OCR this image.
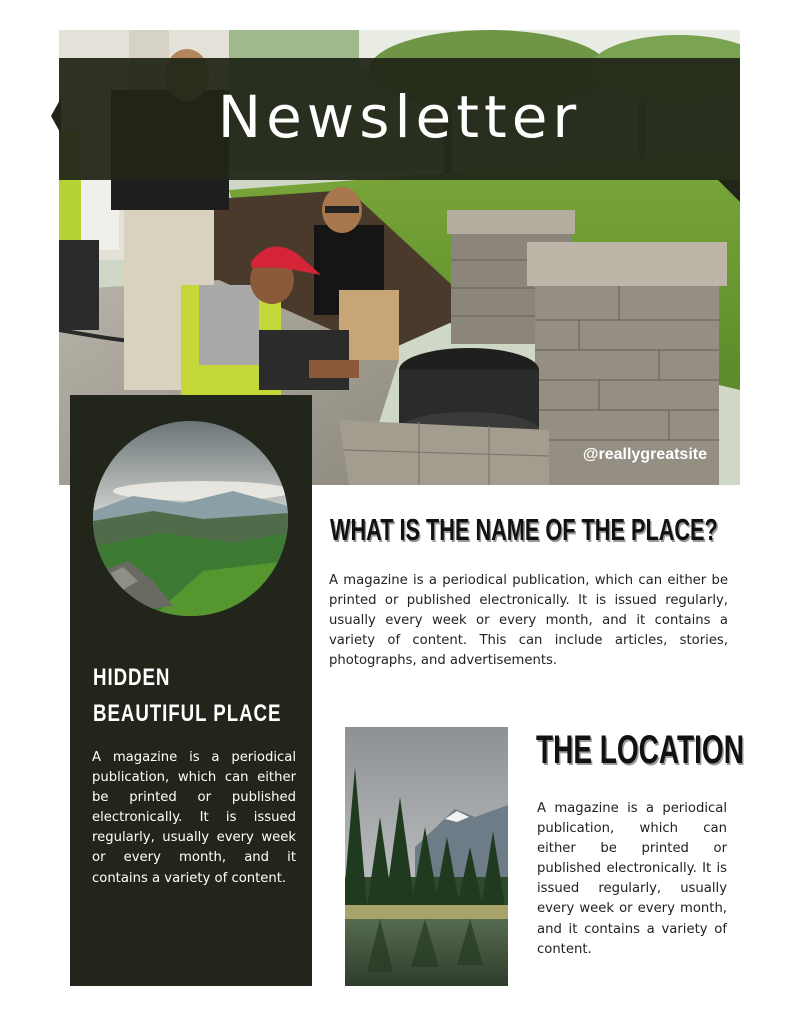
Newsletter
@reallygreatsite
HIDDEN
BEAUTIFUL PLACE
A magazine is a periodical publication, which can either be printed or published electronically. It is issued regularly, usually every week or every month, and it contains a variety of content.
WHAT IS THE NAME OF THE PLACE?
A magazine is a periodical publication, which can either be printed or published electronically. It is issued regularly, usually every week or every month, and it contains a variety of content. This can include articles, stories, photographs, and advertisements.
THE LOCATION
A magazine is a periodical publication, which can either be printed or published electronically. It is issued regularly, usually every week or every month, and it contains a variety of content.
